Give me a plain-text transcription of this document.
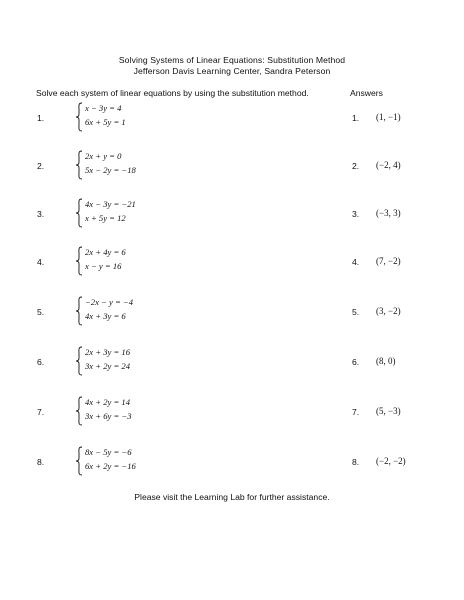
Solving Systems of Linear Equations: Substitution Method
Jefferson Davis Learning Center, Sandra Peterson
Solve each system of linear equations by using the substitution method.	Answers
1.
x − 3y = 4
6x + 5y = 1	1. (1, −1)
2.
2x + y = 0
5x − 2y = −18	2. (−2, 4)
3.
4x − 3y = −21
x + 5y = 12	3. (−3, 3)
4.
2x + 4y = 6
x − y = 16	4. (7, −2)
5.
−2x − y = −4
4x + 3y = 6	5. (3, −2)
6.
2x + 3y = 16
3x + 2y = 24	6. (8, 0)
7.
4x + 2y = 14
3x + 6y = −3	7. (5, −3)
8.
8x − 5y = −6
6x + 2y = −16	8. (−2, −2)
Please visit the Learning Lab for further assistance.
